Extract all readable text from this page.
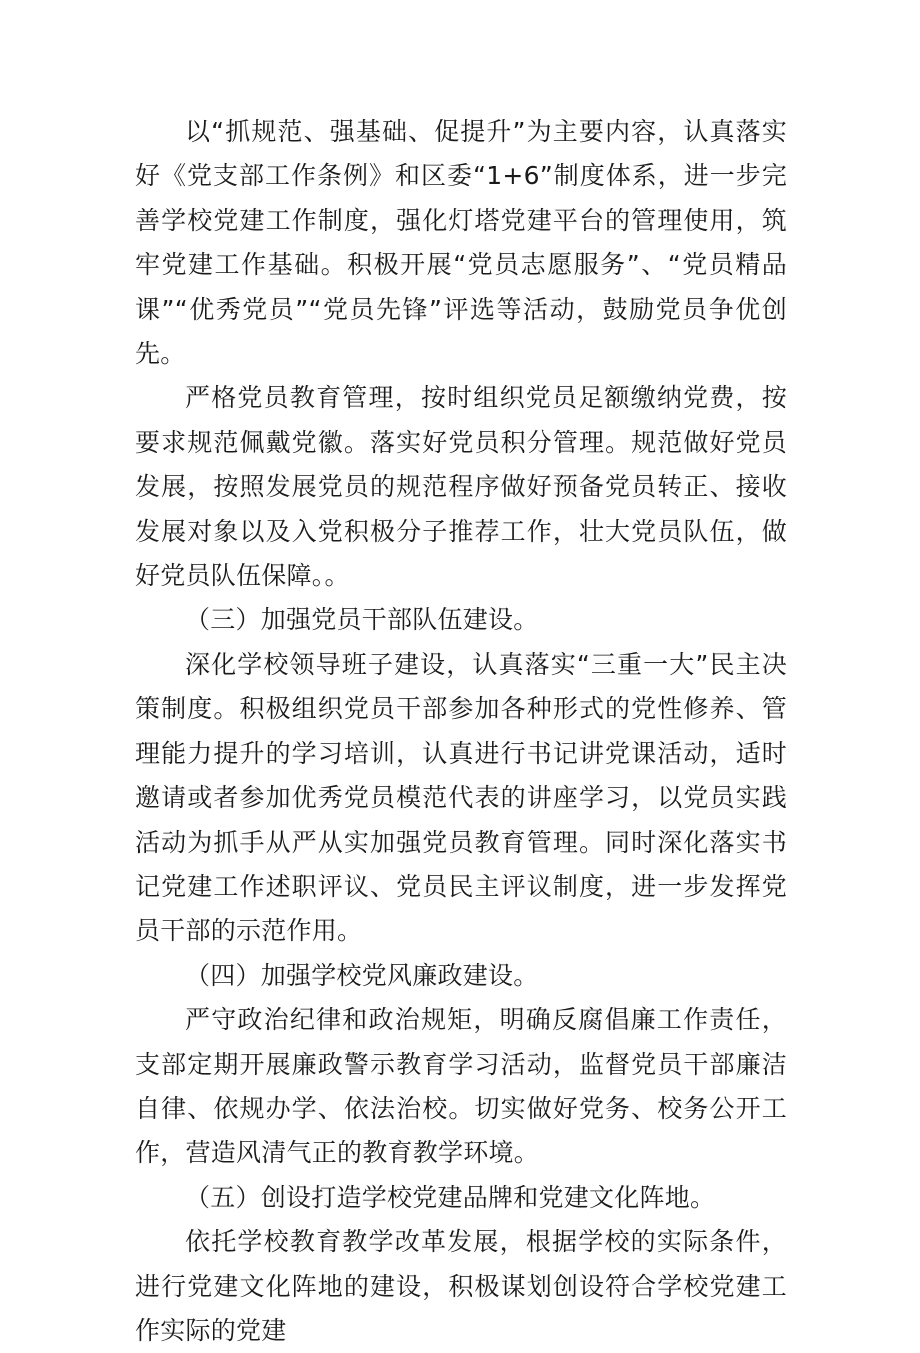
以“抓规范、强基础、促提升”为主要内容，认真落实好《党支部工作条例》和区委“1+6”制度体系，进一步完善学校党建工作制度，强化灯塔党建平台的管理使用，筑牢党建工作基础。积极开展“党员志愿服务”、“党员精品课”“优秀党员”“党员先锋”评选等活动，鼓励党员争优创先。

严格党员教育管理，按时组织党员足额缴纳党费，按要求规范佩戴党徽。落实好党员积分管理。规范做好党员发展，按照发展党员的规范程序做好预备党员转正、接收发展对象以及入党积极分子推荐工作，壮大党员队伍，做好党员队伍保障。。

（三）加强党员干部队伍建设。

深化学校领导班子建设，认真落实“三重一大”民主决策制度。积极组织党员干部参加各种形式的党性修养、管理能力提升的学习培训，认真进行书记讲党课活动，适时邀请或者参加优秀党员模范代表的讲座学习，以党员实践活动为抓手从严从实加强党员教育管理。同时深化落实书记党建工作述职评议、党员民主评议制度，进一步发挥党员干部的示范作用。

（四）加强学校党风廉政建设。

严守政治纪律和政治规矩，明确反腐倡廉工作责任，支部定期开展廉政警示教育学习活动，监督党员干部廉洁自律、依规办学、依法治校。切实做好党务、校务公开工作，营造风清气正的教育教学环境。

（五）创设打造学校党建品牌和党建文化阵地。

依托学校教育教学改革发展，根据学校的实际条件，进行党建文化阵地的建设，积极谋划创设符合学校党建工作实际的党建
